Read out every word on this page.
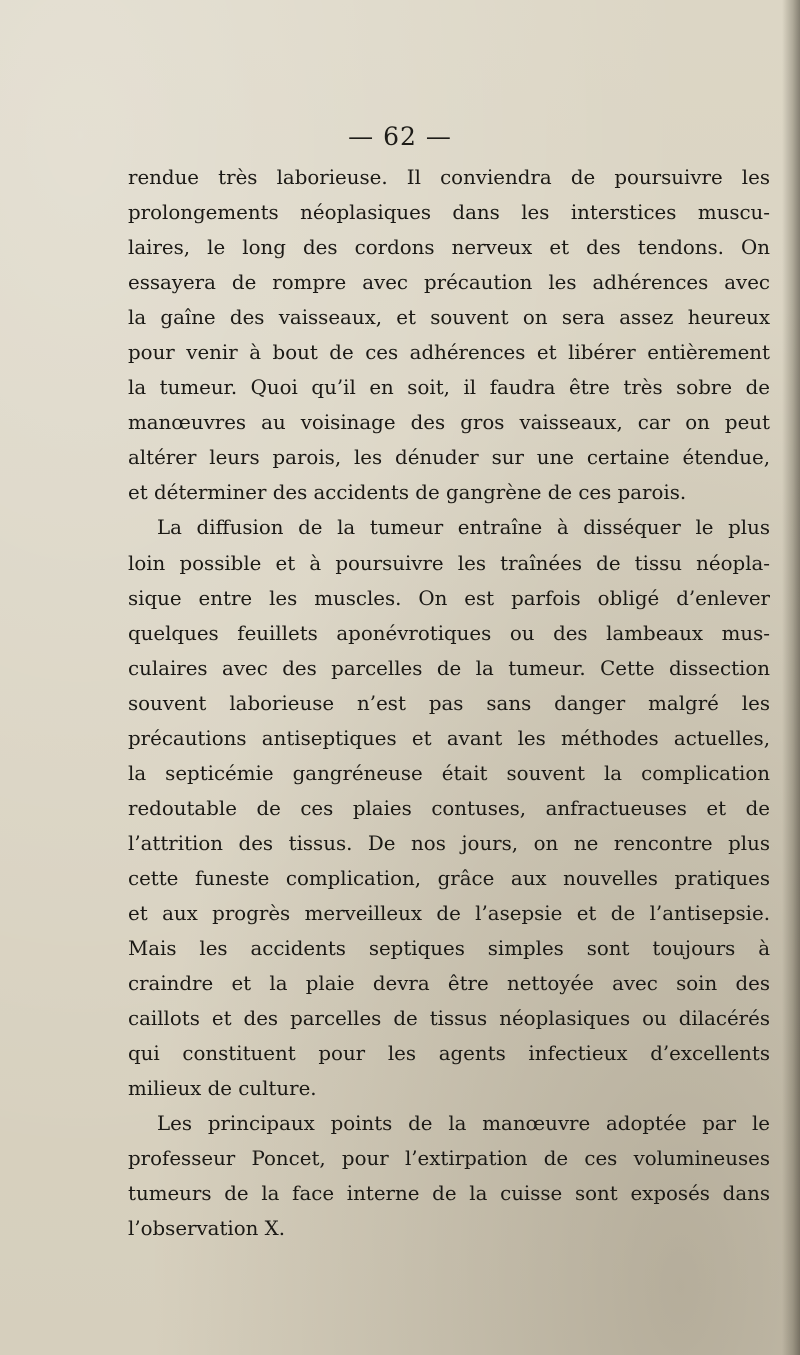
— 62 —
rendue très laborieuse. Il conviendra de poursuivre les
prolongements néoplasiques dans les interstices muscu-
laires, le long des cordons nerveux et des tendons. On
essayera de rompre avec précaution les adhérences avec
la gaîne des vaisseaux, et souvent on sera assez heureux
pour venir à bout de ces adhérences et libérer entièrement
la tumeur. Quoi qu’il en soit, il faudra être très sobre de
manœuvres au voisinage des gros vaisseaux, car on peut
altérer leurs parois, les dénuder sur une certaine étendue,
et déterminer des accidents de gangrène de ces parois.
La diffusion de la tumeur entraîne à disséquer le plus
loin possible et à poursuivre les traînées de tissu néopla-
sique entre les muscles. On est parfois obligé d’enlever
quelques feuillets aponévrotiques ou des lambeaux mus-
culaires avec des parcelles de la tumeur. Cette dissection
souvent laborieuse n’est pas sans danger malgré les
précautions antiseptiques et avant les méthodes actuelles,
la septicémie gangréneuse était souvent la complication
redoutable de ces plaies contuses, anfractueuses et de
l’attrition des tissus. De nos jours, on ne rencontre plus
cette funeste complication, grâce aux nouvelles pratiques
et aux progrès merveilleux de l’asepsie et de l’antisepsie.
Mais les accidents septiques simples sont toujours à
craindre et la plaie devra être nettoyée avec soin des
caillots et des parcelles de tissus néoplasiques ou dilacérés
qui constituent pour les agents infectieux d’excellents
milieux de culture.
Les principaux points de la manœuvre adoptée par le
professeur Poncet, pour l’extirpation de ces volumineuses
tumeurs de la face interne de la cuisse sont exposés dans
l’observation X.
